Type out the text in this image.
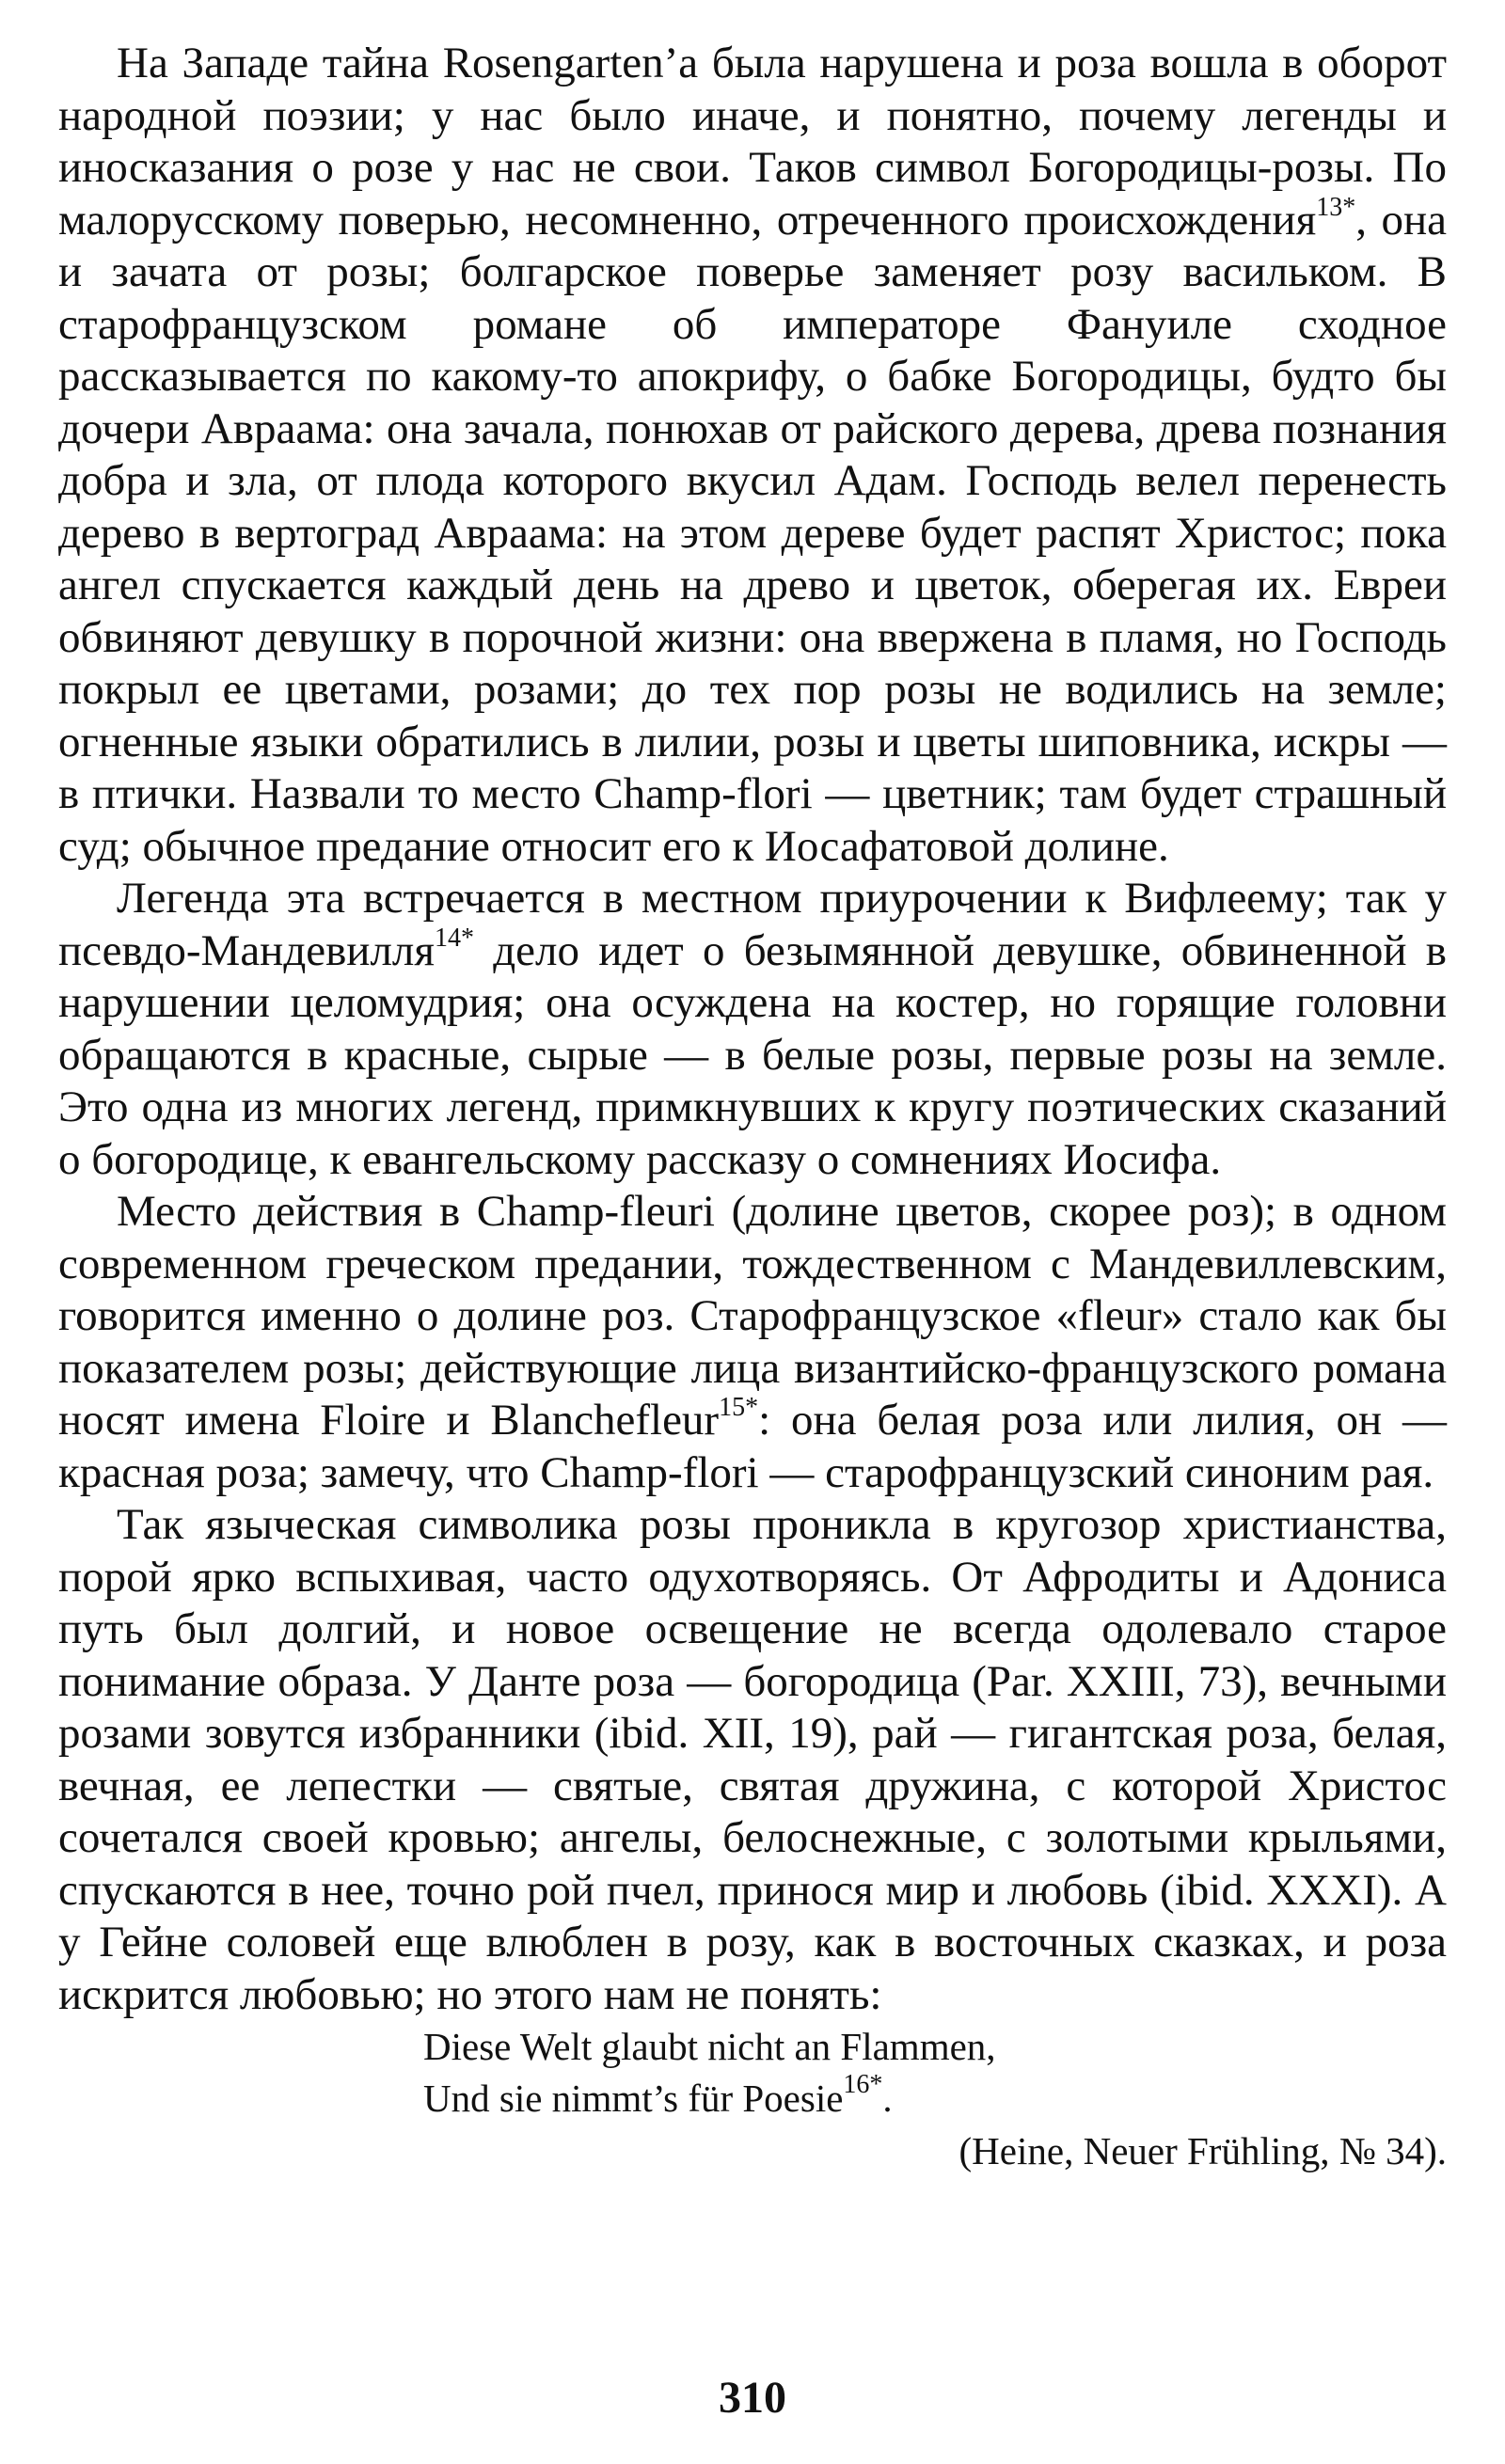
На Западе тайна Rosengarten’а была нарушена и роза вошла в оборот народной поэзии; у нас было иначе, и понятно, почему легенды и иносказания о розе у нас не свои. Таков символ Богородицы-розы. По малорусскому поверью, несомненно, отреченного происхождения$^{13*}$, она и зачата от розы; болгарское поверье заменяет розу васильком. В старофранцузском романе об императоре Фануиле сходное рассказывается по какому-то апокрифу, о бабке Богородицы, будто бы дочери Авраама: она зачала, понюхав от райского дерева, древа познания добра и зла, от плода которого вкусил Адам. Господь велел перенесть дерево в вертоград Авраама: на этом дереве будет распят Христос; пока ангел спускается каждый день на древо и цветок, оберегая их. Евреи обвиняют девушку в порочной жизни: она ввержена в пламя, но Господь покрыл ее цветами, розами; до тех пор розы не водились на земле; огненные языки обратились в лилии, розы и цветы шиповника, искры — в птички. Назвали то место Champ-flori — цветник; там будет страшный суд; обычное предание относит его к Иосафатовой долине.

Легенда эта встречается в местном приурочении к Вифлеему; так у псевдо-Мандевилля$^{14*}$ дело идет о безымянной девушке, обвиненной в нарушении целомудрия; она осуждена на костер, но горящие головни обращаются в красные, сырые — в белые розы, первые розы на земле. Это одна из многих легенд, примкнувших к кругу поэтических сказаний о богородице, к евангельскому рассказу о сомнениях Иосифа.

Место действия в Champ-fleuri (долине цветов, скорее роз); в одном современном греческом предании, тождественном с Мандевиллевским, говорится именно о долине роз. Старофранцузское «fleur» стало как бы показателем розы; действующие лица византийско-французского романа носят имена Floire и Blanchefleur$^{15*}$: она белая роза или лилия, он — красная роза; замечу, что Champ-flori — старофранцузский синоним рая.

Так языческая символика розы проникла в кругозор христианства, порой ярко вспыхивая, часто одухотворяясь. От Афродиты и Адониса путь был долгий, и новое освещение не всегда одолевало старое понимание образа. У Данте роза — богородица (Par. XXIII, 73), вечными розами зовутся избранники (ibid. XII, 19), рай — гигантская роза, белая, вечная, ее лепестки — святые, святая дружина, с которой Христос сочетался своей кровью; ангелы, белоснежные, с золотыми крыльями, спускаются в нее, точно рой пчел, принося мир и любовь (ibid. XXXI). А у Гейне соловей еще влюблен в розу, как в восточных сказках, и роза искрится любовью; но этого нам не понять:

Diese Welt glaubt nicht an Flammen,
Und sie nimmt’s für Poesie$^{16*}$.
(Heine, Neuer Frühling, № 34).
310
